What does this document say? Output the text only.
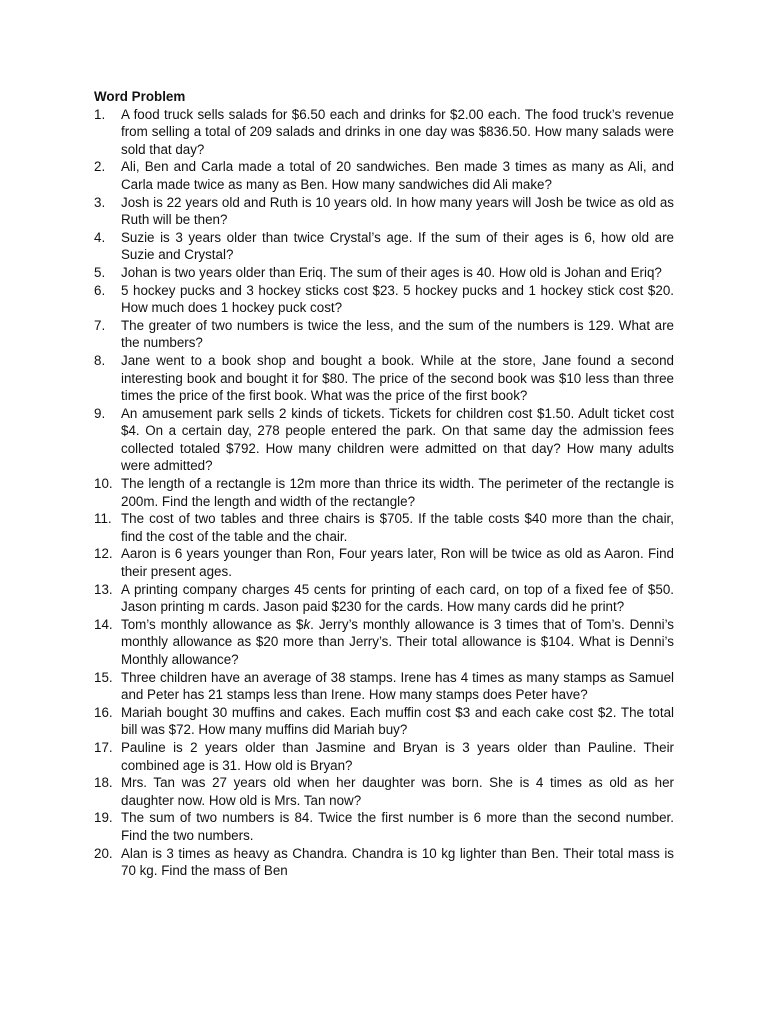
Word Problem

1. A food truck sells salads for $6.50 each and drinks for $2.00 each. The food truck’s revenue from selling a total of 209 salads and drinks in one day was $836.50. How many salads were sold that day?
2. Ali, Ben and Carla made a total of 20 sandwiches. Ben made 3 times as many as Ali, and Carla made twice as many as Ben. How many sandwiches did Ali make?
3. Josh is 22 years old and Ruth is 10 years old. In how many years will Josh be twice as old as Ruth will be then?
4. Suzie is 3 years older than twice Crystal’s age. If the sum of their ages is 6, how old are Suzie and Crystal?
5. Johan is two years older than Eriq. The sum of their ages is 40. How old is Johan and Eriq?
6. 5 hockey pucks and 3 hockey sticks cost $23. 5 hockey pucks and 1 hockey stick cost $20. How much does 1 hockey puck cost?
7. The greater of two numbers is twice the less, and the sum of the numbers is 129. What are the numbers?
8. Jane went to a book shop and bought a book. While at the store, Jane found a second interesting book and bought it for $80. The price of the second book was $10 less than three times the price of the first book. What was the price of the first book?
9. An amusement park sells 2 kinds of tickets. Tickets for children cost $1.50. Adult ticket cost $4. On a certain day, 278 people entered the park. On that same day the admission fees collected totaled $792. How many children were admitted on that day? How many adults were admitted?
10. The length of a rectangle is 12m more than thrice its width. The perimeter of the rectangle is 200m. Find the length and width of the rectangle?
11. The cost of two tables and three chairs is $705. If the table costs $40 more than the chair, find the cost of the table and the chair.
12. Aaron is 6 years younger than Ron, Four years later, Ron will be twice as old as Aaron. Find their present ages.
13. A printing company charges 45 cents for printing of each card, on top of a fixed fee of $50. Jason printing m cards. Jason paid $230 for the cards. How many cards did he print?
14. Tom’s monthly allowance as $k. Jerry’s monthly allowance is 3 times that of Tom’s. Denni’s monthly allowance as $20 more than Jerry’s. Their total allowance is $104. What is Denni’s Monthly allowance?
15. Three children have an average of 38 stamps. Irene has 4 times as many stamps as Samuel and Peter has 21 stamps less than Irene. How many stamps does Peter have?
16. Mariah bought 30 muffins and cakes. Each muffin cost $3 and each cake cost $2. The total bill was $72. How many muffins did Mariah buy?
17. Pauline is 2 years older than Jasmine and Bryan is 3 years older than Pauline. Their combined age is 31. How old is Bryan?
18. Mrs. Tan was 27 years old when her daughter was born. She is 4 times as old as her daughter now. How old is Mrs. Tan now?
19. The sum of two numbers is 84. Twice the first number is 6 more than the second number. Find the two numbers.
20. Alan is 3 times as heavy as Chandra. Chandra is 10 kg lighter than Ben. Their total mass is 70 kg. Find the mass of Ben
